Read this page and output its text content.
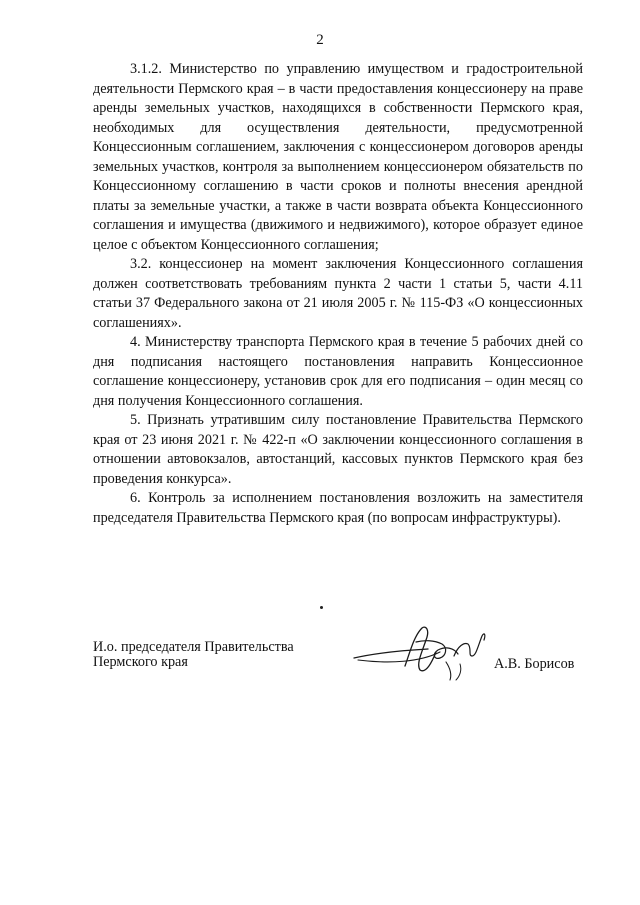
2

3.1.2. Министерство по управлению имуществом и градостроительной деятельности Пермского края – в части предоставления концессионеру на праве аренды земельных участков, находящихся в собственности Пермского края, необходимых для осуществления деятельности, предусмотренной Концессионным соглашением, заключения с концессионером договоров аренды земельных участков, контроля за выполнением концессионером обязательств по Концессионному соглашению в части сроков и полноты внесения арендной платы за земельные участки, а также в части возврата объекта Концессионного соглашения и имущества (движимого и недвижимого), которое образует единое целое с объектом Концессионного соглашения;

3.2. концессионер на момент заключения Концессионного соглашения должен соответствовать требованиям пункта 2 части 1 статьи 5, части 4.11 статьи 37 Федерального закона от 21 июля 2005 г. № 115-ФЗ «О концессионных соглашениях».

4. Министерству транспорта Пермского края в течение 5 рабочих дней со дня подписания настоящего постановления направить Концессионное соглашение концессионеру, установив срок для его подписания – один месяц со дня получения Концессионного соглашения.

5. Признать утратившим силу постановление Правительства Пермского края от 23 июня 2021 г. № 422-п «О заключении концессионного соглашения в отношении автовокзалов, автостанций, кассовых пунктов Пермского края без проведения конкурса».

6. Контроль за исполнением постановления возложить на заместителя председателя Правительства Пермского края (по вопросам инфраструктуры).

И.о. председателя Правительства
Пермского края	А.В. Борисов
